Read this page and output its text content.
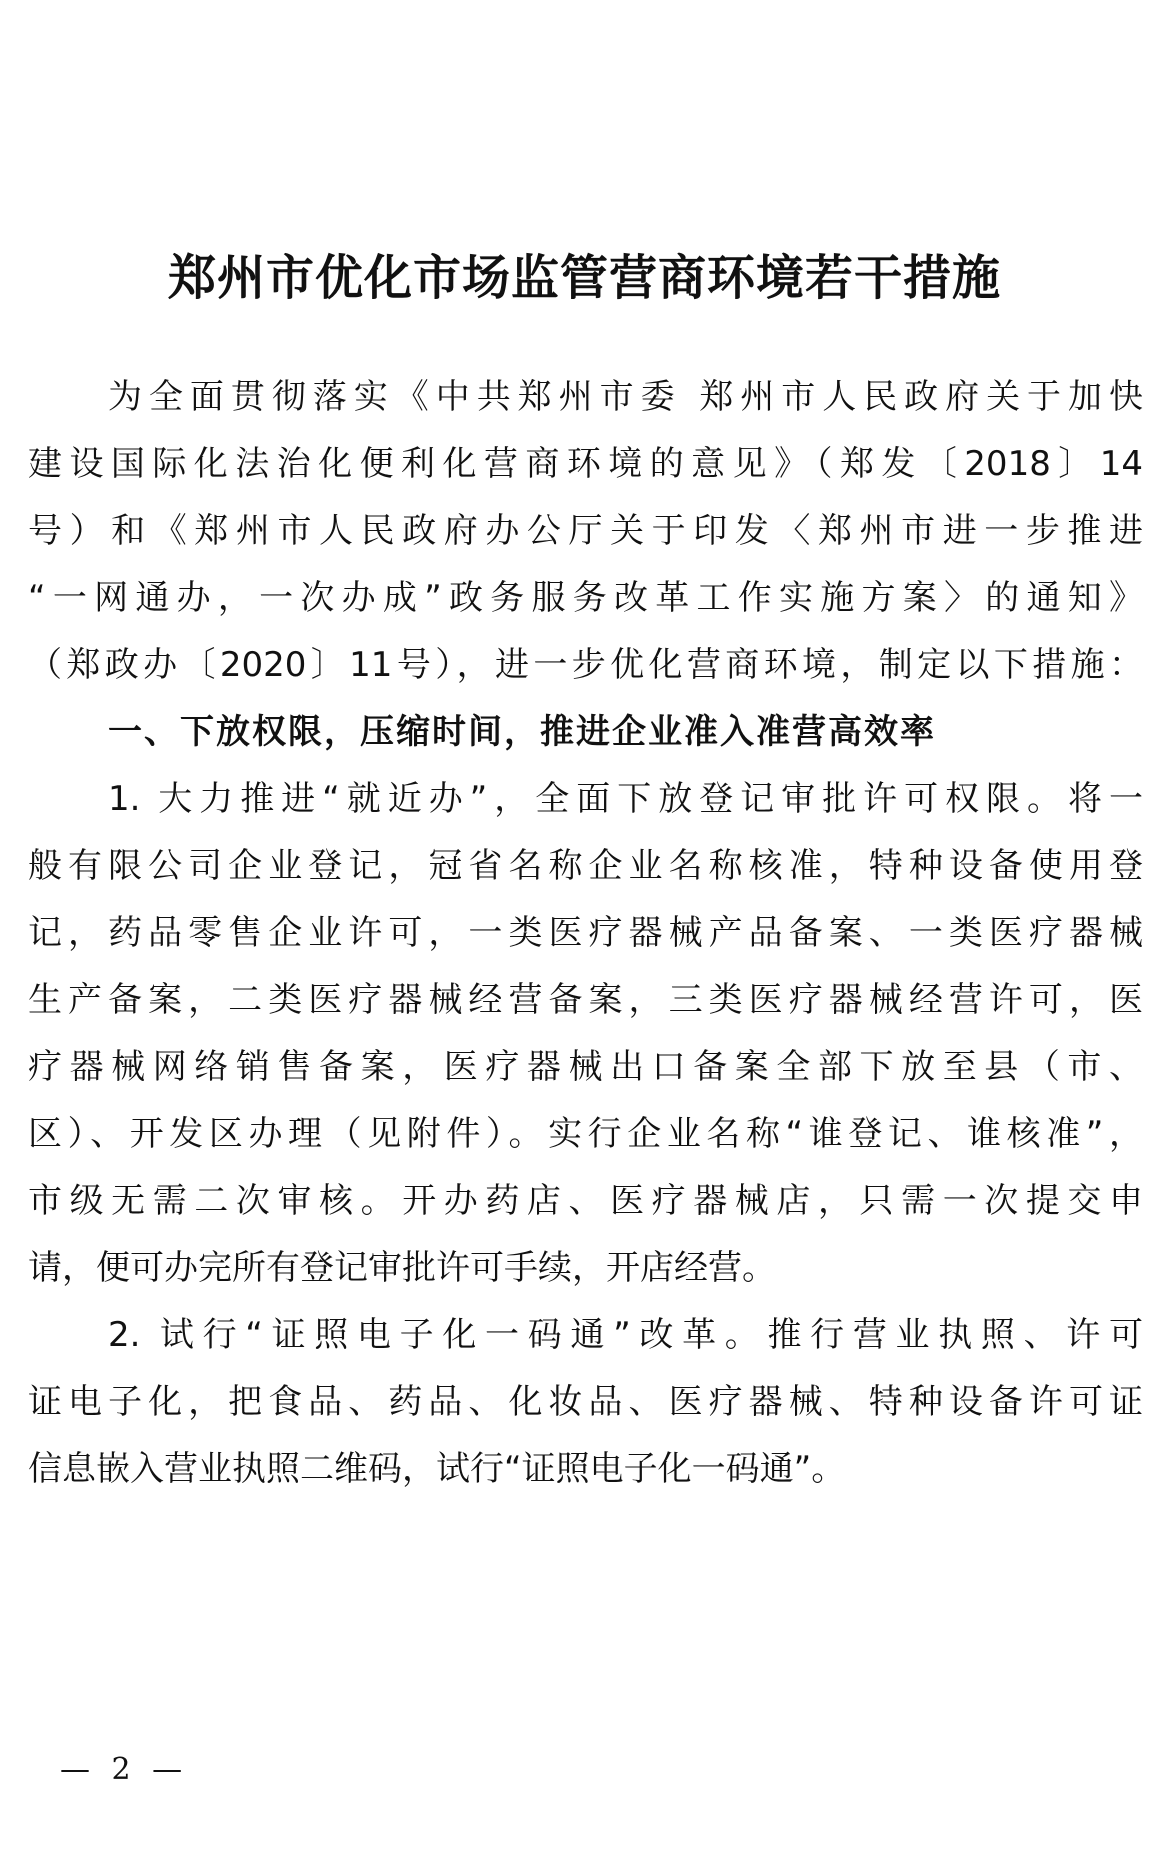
郑州市优化市场监管营商环境若干措施
为全面贯彻落实《中共郑州市委 郑州市人民政府关于加快
建设国际化法治化便利化营商环境的意见》（郑发〔2018〕14
号）和《郑州市人民政府办公厅关于印发〈郑州市进一步推进
“一网通办，一次办成”政务服务改革工作实施方案〉的通知》
（郑政办〔2020〕11号），进一步优化营商环境，制定以下措施：
一、下放权限，压缩时间，推进企业准入准营高效率
1. 大力推进“就近办”，全面下放登记审批许可权限。将一
般有限公司企业登记，冠省名称企业名称核准，特种设备使用登
记，药品零售企业许可，一类医疗器械产品备案、一类医疗器械
生产备案，二类医疗器械经营备案，三类医疗器械经营许可，医
疗器械网络销售备案，医疗器械出口备案全部下放至县（市、
区）、开发区办理（见附件）。实行企业名称“谁登记、谁核准”，
市级无需二次审核。开办药店、医疗器械店，只需一次提交申
请，便可办完所有登记审批许可手续，开店经营。
2. 试行“证照电子化一码通”改革。推行营业执照、许可
证电子化，把食品、药品、化妆品、医疗器械、特种设备许可证
信息嵌入营业执照二维码，试行“证照电子化一码通”。
— 2 —
